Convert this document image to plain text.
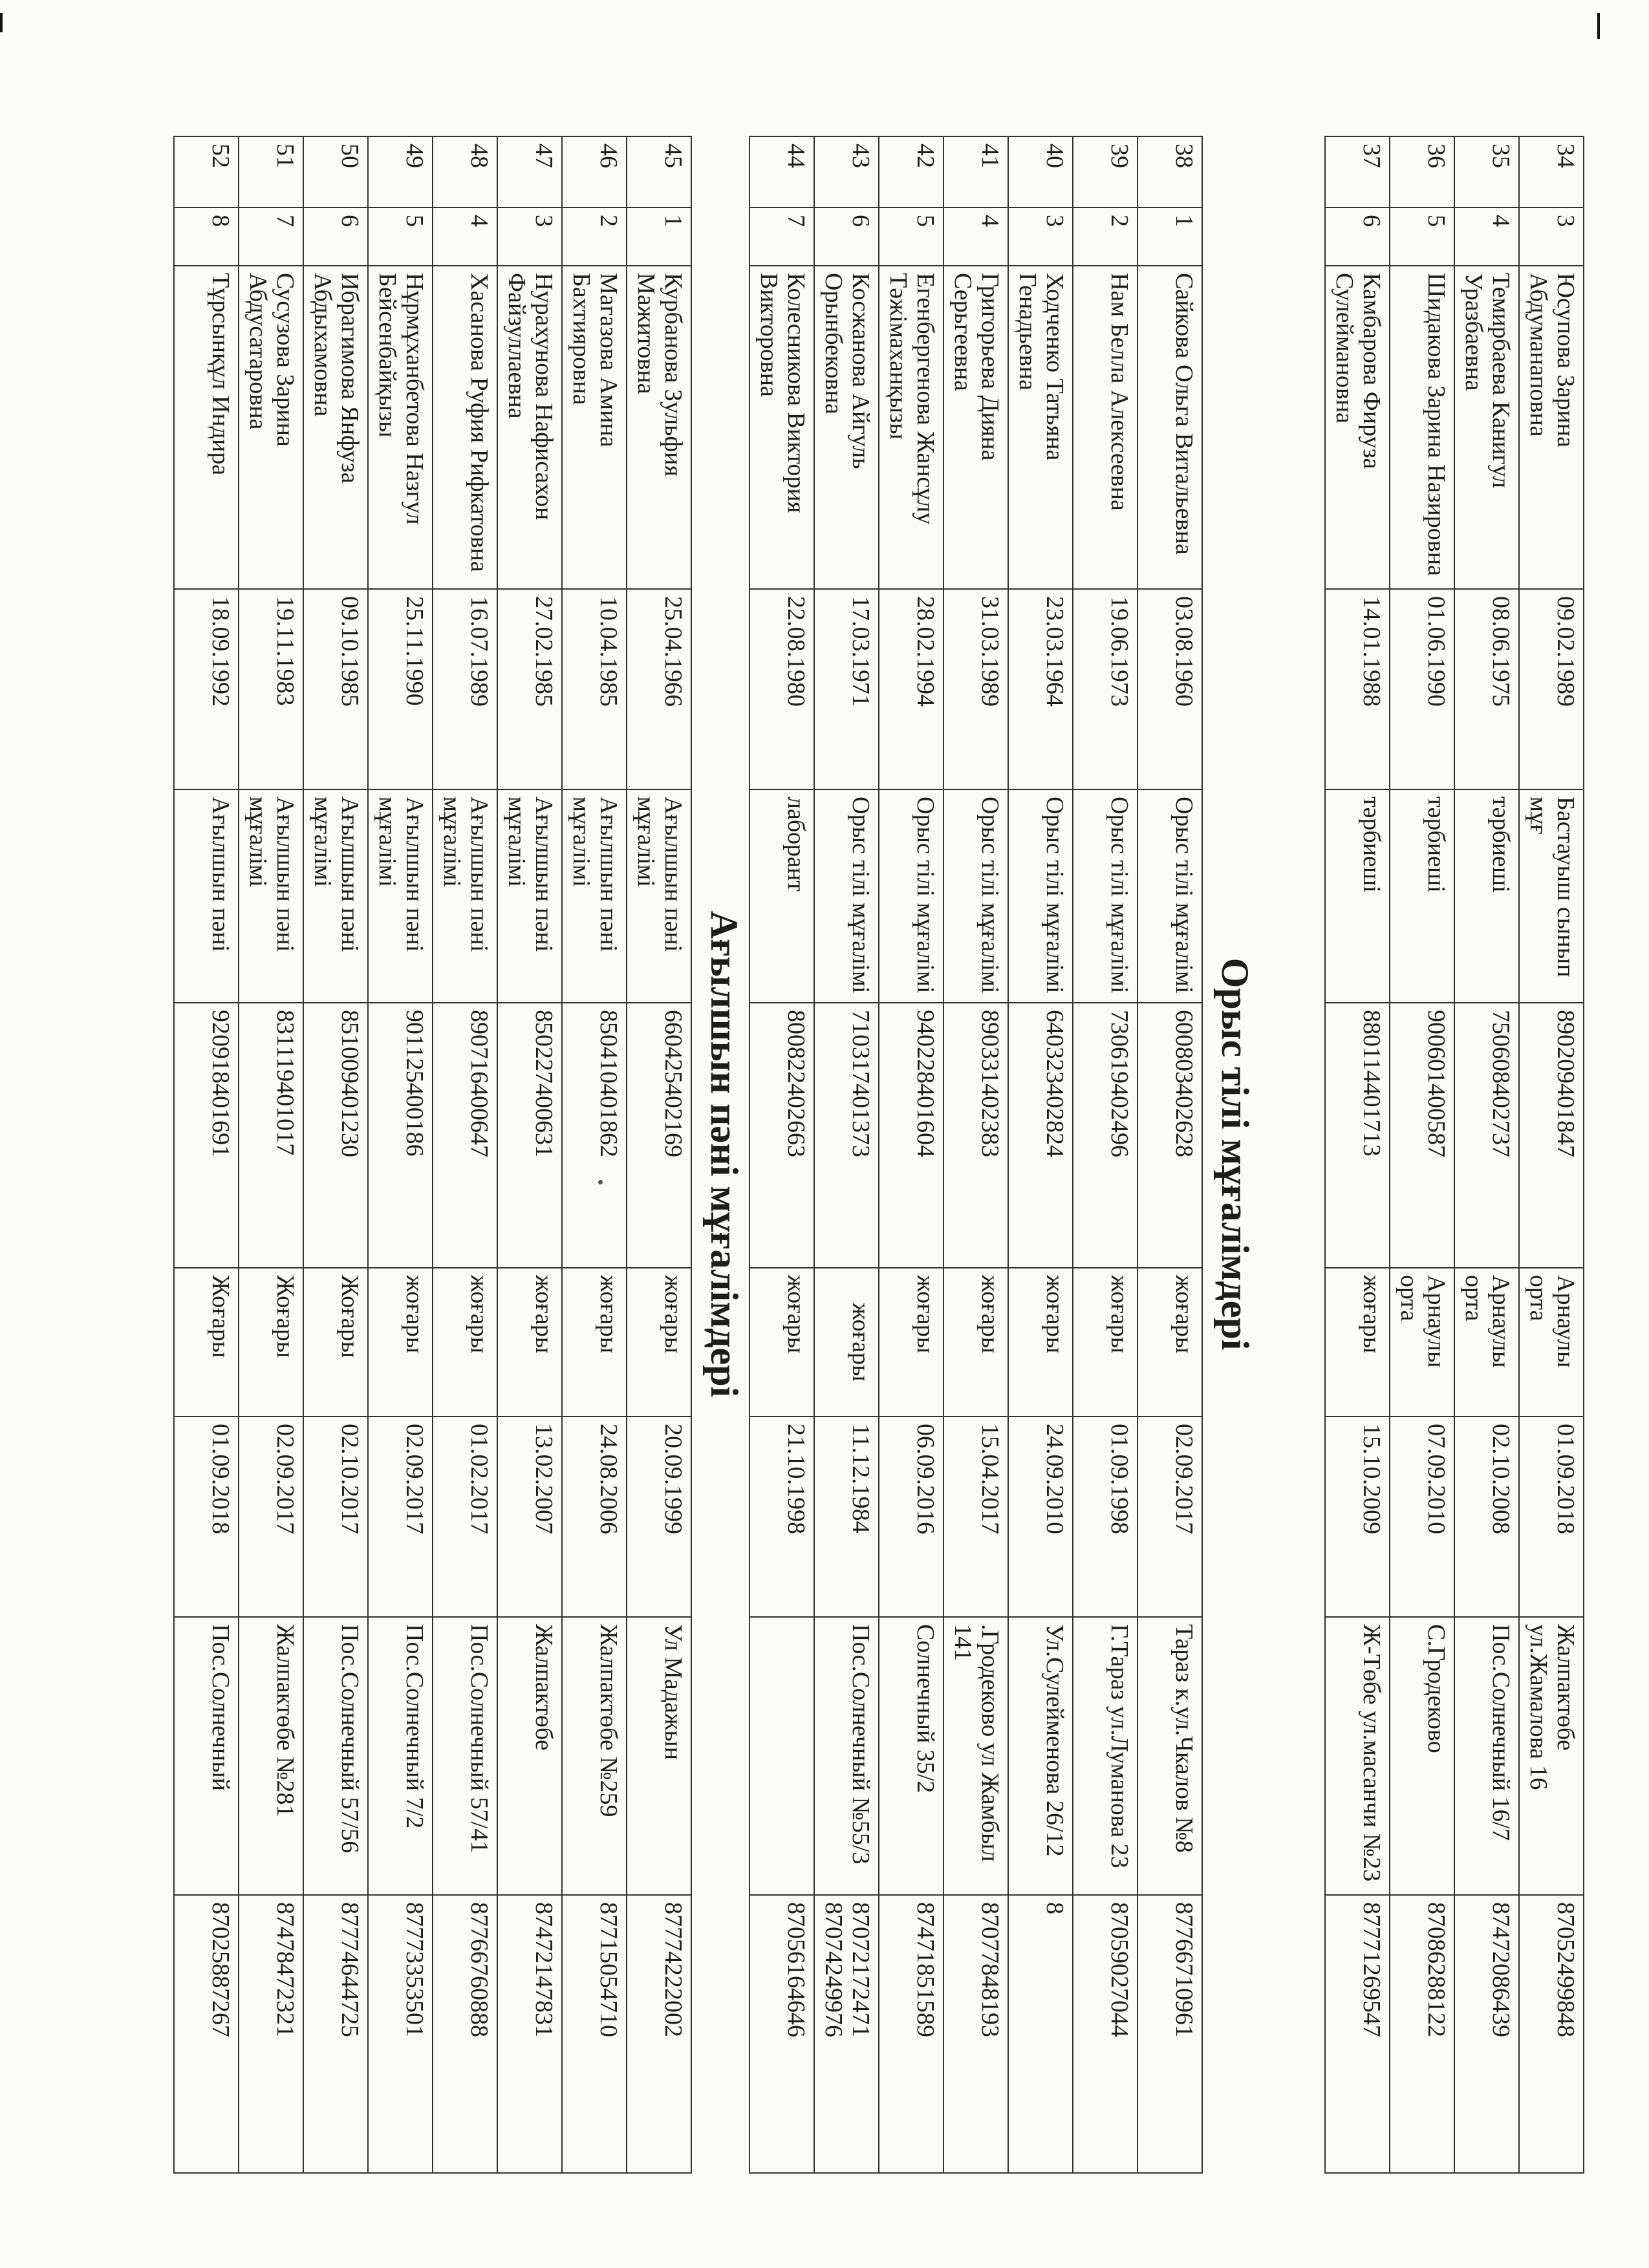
34	3	Юсупова Зарина Абдуманаповна	09.02.1989	Бастауыш сынып мұғ	890209401847	Арнаулы орта	01.09.2018	Жалпактөбе ул.Жамалова 16	87052499848
35	4	Темирбаева Канигул Уразбаевна	08.06.1975	тәрбиеші	750608402737	Арнаулы орта	02.10.2008	Пос.Солнечный 16/7	87472086439
36	5	Шидакова Зарина Назировна	01.06.1990	тәрбиеші	900601400587	Арнаулы орта	07.09.2010	С.Гродеково	87086288122
37	6	Камбарова Фируза Сулеймановна	14.01.1988	тәрбиеші	880114401713	жоғары	15.10.2009	Ж-Төбе ул.масанчи №23	87771269547
Орыс тілі мұғалімдері
38	1	Сайкова Ольга Витальевна	03.08.1960	Орыс тілі мұғалімі	600803402628	жоғары	02.09.2017	Тараз к.ул.Чкалов №8	87766710961
39	2	Нам Белла Алексеевна	19.06.1973	Орыс тілі мұғалімі	730619402496	жоғары	01.09.1998	Г.Тараз ул.Луманова 23	87059027044
40	3	Ходченко Татьяна Генадьевна	23.03.1964	Орыс тілі мұғалімі	640323402824	жоғары	24.09.2010	Ул.Сулейменова 26/12	8
41	4	Григорьева Дияна Серьгеевна	31.03.1989	Орыс тілі мұғалімі	890331402383	жоғары	15.04.2017	.Гродеково ул Жамбыл 141	87077848193
42	5	Егенбергенова Жансұлу Тәжімаханқызы	28.02.1994	Орыс тілі мұғалімі	940228401604	жоғары	06.09.2016	Солнечный 35/2	87471851589
43	6	Косжанова Айгуль Орынбековна	17.03.1971	Орыс тілі мұғалімі	710317401373	жоғары	11.12.1984	Пос.Солнечный №55/3	87072172471 87074249976
44	7	Колесникова Виктория Викторовна	22.08.1980	лаборант	800822402663	жоғары	21.10.1998		87056164646
Ағылшын пәні мұғалімдері
45	1	Курбанова Зульфия Мажитовна	25.04.1966	Ағылшын пәні мұғалімі	660425402169	жоғары	20.09.1999	Ул Мадажын	87774222002
46	2	Магазова Амина Бахтияровна	10.04.1985	Ағылшын пәні мұғалімі	850410401862	жоғары	24.08.2006	Жалпактөбе №259	87715054710
47	3	Нурахунова Нафисахон Файзуллаевна	27.02.1985	Ағылшын пәні мұғалімі	850227400631	жоғары	13.02.2007	Жалпактөбе	87472147831
48	4	Хасанова Руфия Рифкатовна	16.07.1989	Ағылшын пәні мұғалімі	890716400647	жоғары	01.02.2017	Пос.Солнечный 57/41	87766760888
49	5	Нұрмұханбетова Назгул Бейсенбайқызы	25.11.1990	Ағылшын пәні мұғалімі	901125400186	жоғары	02.09.2017	Пос.Солнечный 7/2	87773353501
50	6	Ибрагимова Янфуза Абдыхамовна	09.10.1985	Ағылшын пәні мұғалімі	851009401230	Жоғары	02.10.2017	Пос.Солнечный 57/56	87774644725
51	7	Сусузова Зарина Абдусатаровна	19.11.1983	Ағылшын пәні мұғалімі	831119401017	Жоғары	02.09.2017	Жалпактөбе №281	87478472321
52	8	Тұрсынқұл Индира	18.09.1992	Ағылшын пәні	920918401691	Жоғары	01.09.2018	Пос.Солнечный	87025887267
